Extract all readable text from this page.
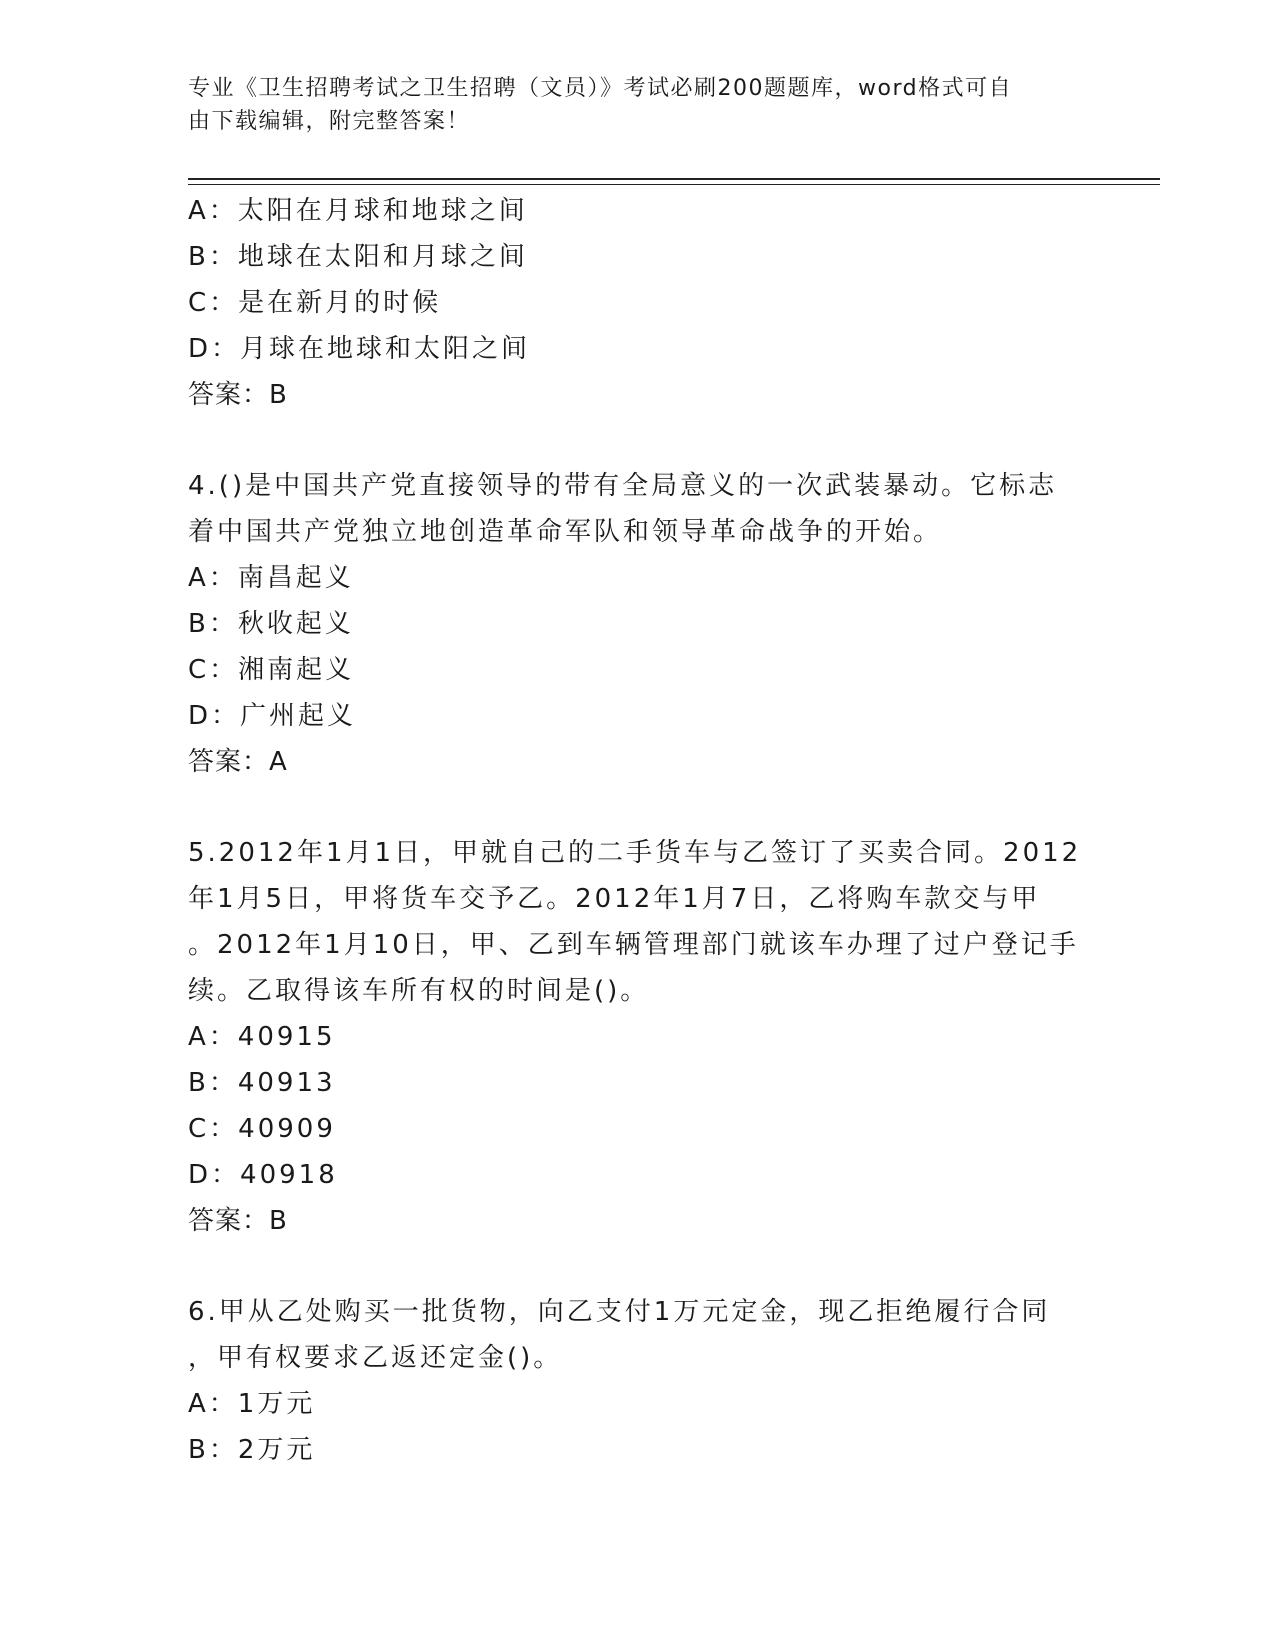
专业《卫生招聘考试之卫生招聘（文员）》考试必刷200题题库，word格式可自
由下载编辑，附完整答案！
A：太阳在月球和地球之间
B：地球在太阳和月球之间
C：是在新月的时候
D：月球在地球和太阳之间
答案：B
4.()是中国共产党直接领导的带有全局意义的一次武装暴动。它标志
着中国共产党独立地创造革命军队和领导革命战争的开始。
A：南昌起义
B：秋收起义
C：湘南起义
D：广州起义
答案：A
5.2012年1月1日，甲就自己的二手货车与乙签订了买卖合同。2012
年1月5日，甲将货车交予乙。2012年1月7日，乙将购车款交与甲
。2012年1月10日，甲、乙到车辆管理部门就该车办理了过户登记手
续。乙取得该车所有权的时间是()。
A：40915
B：40913
C：40909
D：40918
答案：B
6.甲从乙处购买一批货物，向乙支付1万元定金，现乙拒绝履行合同
，甲有权要求乙返还定金()。
A：1万元
B：2万元
